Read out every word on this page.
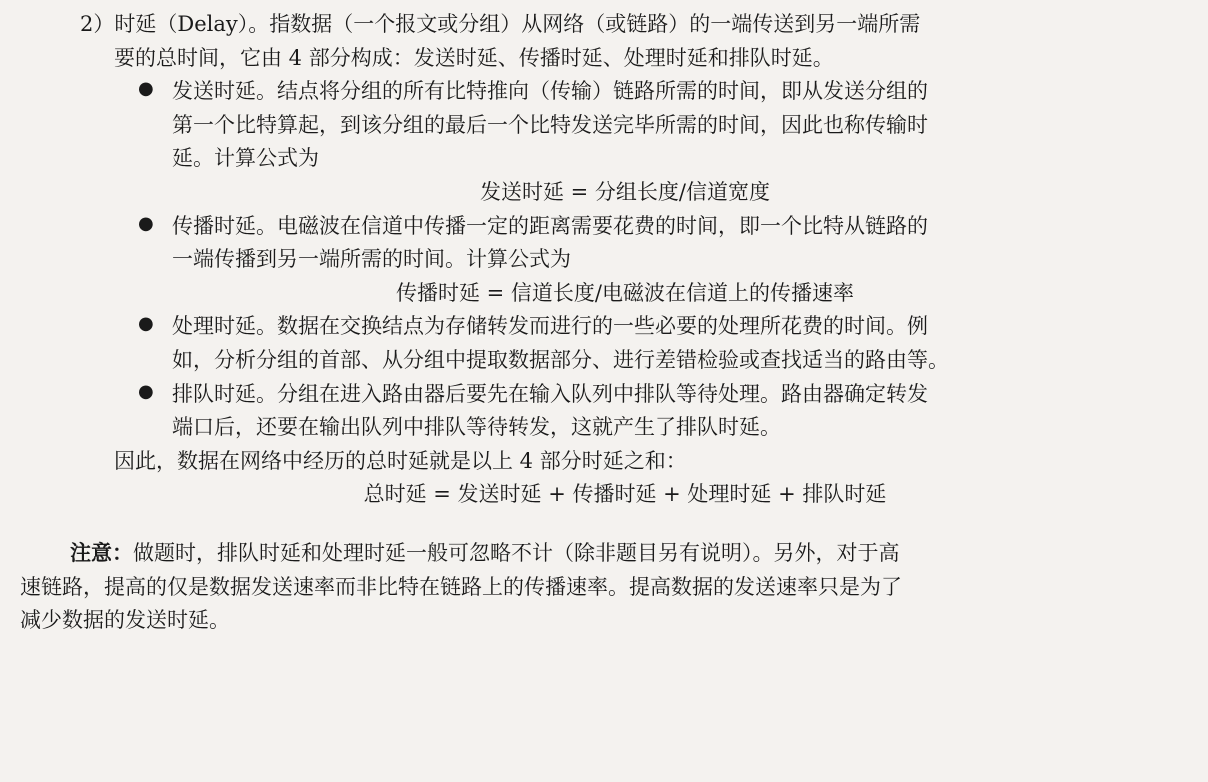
2）时延（Delay）。指数据（一个报文或分组）从网络（或链路）的一端传送到另一端所需

要的总时间，它由 4 部分构成：发送时延、传播时延、处理时延和排队时延。

● 发送时延。结点将分组的所有比特推向（传输）链路所需的时间，即从发送分组的

第一个比特算起，到该分组的最后一个比特发送完毕所需的时间，因此也称传输时

延。计算公式为

发送时延 = 分组长度/信道宽度

● 传播时延。电磁波在信道中传播一定的距离需要花费的时间，即一个比特从链路的

一端传播到另一端所需的时间。计算公式为

传播时延 = 信道长度/电磁波在信道上的传播速率

● 处理时延。数据在交换结点为存储转发而进行的一些必要的处理所花费的时间。例

如，分析分组的首部、从分组中提取数据部分、进行差错检验或查找适当的路由等。

● 排队时延。分组在进入路由器后要先在输入队列中排队等待处理。路由器确定转发

端口后，还要在输出队列中排队等待转发，这就产生了排队时延。

因此，数据在网络中经历的总时延就是以上 4 部分时延之和：

总时延 = 发送时延 + 传播时延 + 处理时延 + 排队时延

注意：做题时，排队时延和处理时延一般可忽略不计（除非题目另有说明）。另外，对于高

速链路，提高的仅是数据发送速率而非比特在链路上的传播速率。提高数据的发送速率只是为了

减少数据的发送时延。
